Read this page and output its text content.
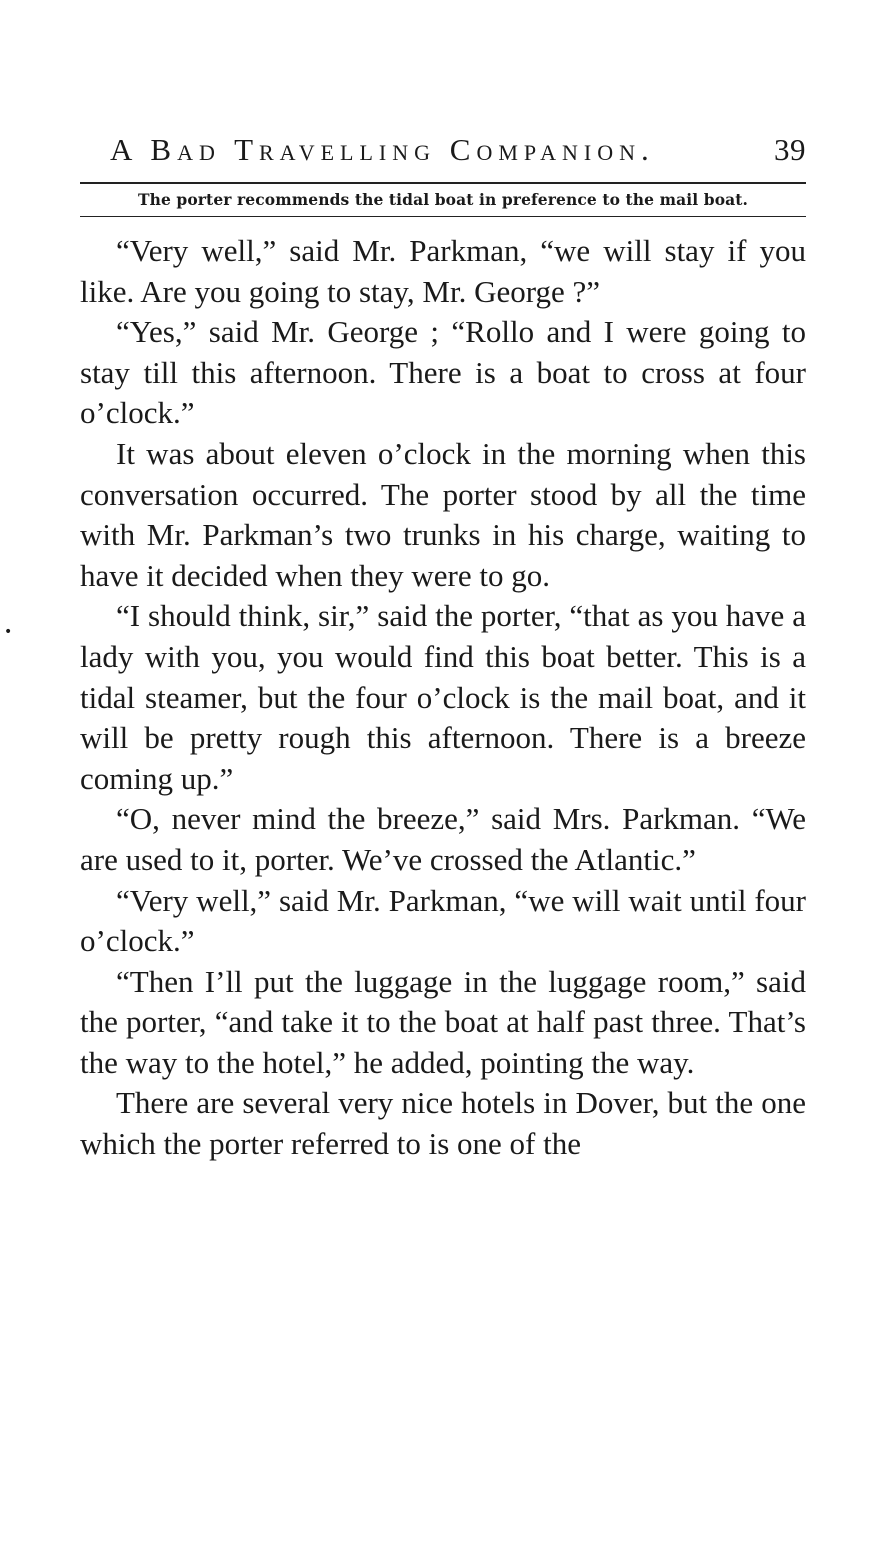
•
A Bad Travelling Companion.	39
The porter recommends the tidal boat in preference to the mail boat.

“Very well,” said Mr. Parkman, “we will stay if you like. Are you going to stay, Mr. George ?”

“Yes,” said Mr. George ; “Rollo and I were going to stay till this afternoon. There is a boat to cross at four o’clock.”

It was about eleven o’clock in the morning when this conversation occurred. The porter stood by all the time with Mr. Parkman’s two trunks in his charge, waiting to have it decided when they were to go.

“I should think, sir,” said the porter, “that as you have a lady with you, you would find this boat better. This is a tidal steamer, but the four o’clock is the mail boat, and it will be pretty rough this afternoon. There is a breeze coming up.”

“O, never mind the breeze,” said Mrs. Parkman. “We are used to it, porter. We’ve crossed the Atlantic.”

“Very well,” said Mr. Parkman, “we will wait until four o’clock.”

“Then I’ll put the luggage in the luggage room,” said the porter, “and take it to the boat at half past three. That’s the way to the hotel,” he added, pointing the way.

There are several very nice hotels in Dover, but the one which the porter referred to is one of the
